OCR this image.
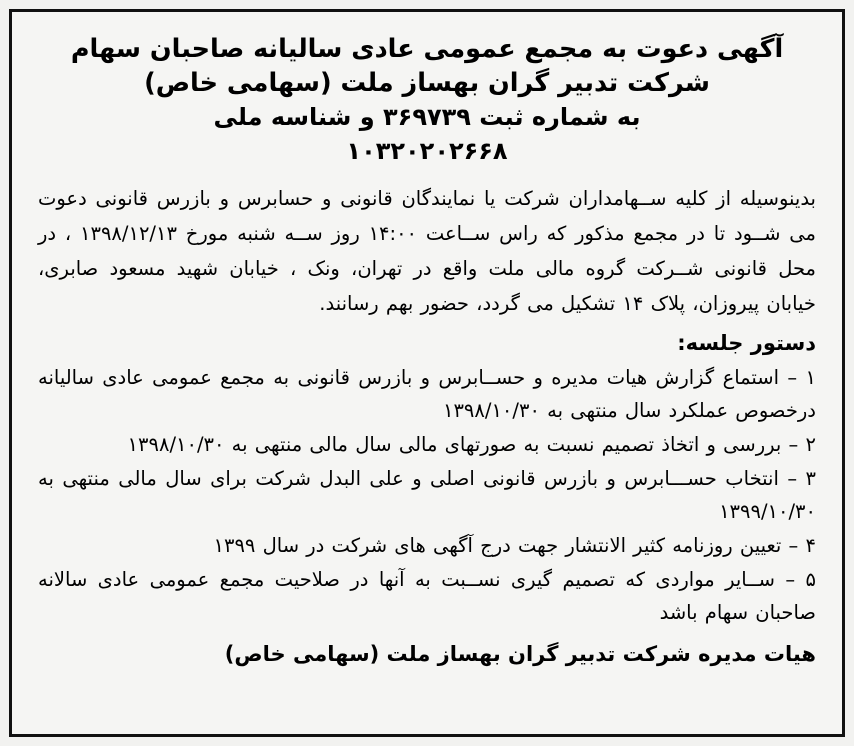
آگهی دعوت به مجمع عمومی عادی سالیانه صاحبان سهام
شرکت تدبیر گران بهساز ملت (سهامی خاص)
به شماره ثبت ۳۶۹۷۳۹ و شناسه ملی
۱۰۳۲۰۲۰۲۶۶۸
بدینوسیله از کلیه ســهامداران شرکت یا نمایندگان قانونی و حسابرس و بازرس قانونی دعوت می شــود تا در مجمع مذکور که راس ســاعت ۱۴:۰۰ روز ســه شنبه مورخ ۱۳۹۸/۱۲/۱۳ ، در محل قانونی شــرکت گروه مالی ملت واقع در تهران، ونک ، خیابان شهید مسعود صابری، خیابان پیروزان، پلاک ۱۴ تشکیل می گردد، حضور بهم رسانند.
دستور جلسه:
۱ – استماع گزارش هیات مدیره و حســابرس و بازرس قانونی به مجمع عمومی عادی سالیانه درخصوص عملکرد سال منتهی به ۱۳۹۸/۱۰/۳۰
۲ – بررسی و اتخاذ تصمیم نسبت به صورتهای مالی سال مالی منتهی به ۱۳۹۸/۱۰/۳۰
۳ – انتخاب حســـابرس و بازرس قانونی اصلی و علی البدل شرکت برای سال مالی منتهی به ۱۳۹۹/۱۰/۳۰
۴ – تعیین روزنامه کثیر الانتشار جهت درج آگهی های شرکت در سال ۱۳۹۹
۵ – ســایر مواردی که تصمیم گیری نســبت به آنها در صلاحیت مجمع عمومی عادی سالانه صاحبان سهام باشد
هیات مدیره شرکت تدبیر گران بهساز ملت (سهامی خاص)
